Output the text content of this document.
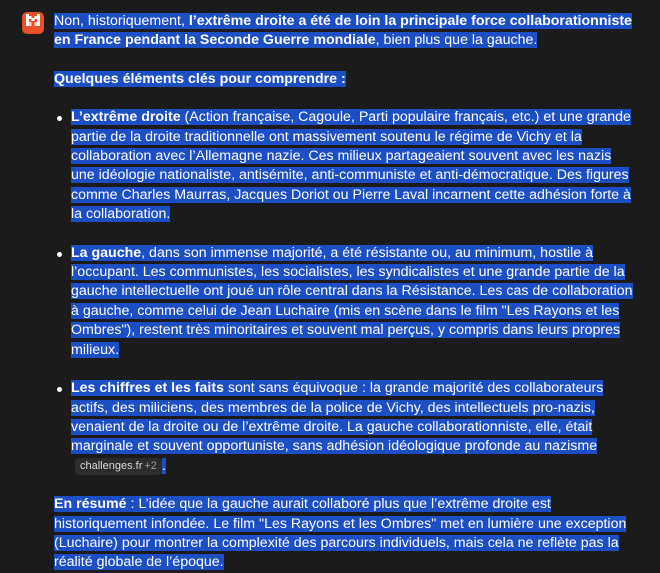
Non, historiquement, l’extrême droite a été de loin la principale force collaborationniste en France pendant la Seconde Guerre mondiale, bien plus que la gauche.

Quelques éléments clés pour comprendre :

L’extrême droite (Action française, Cagoule, Parti populaire français, etc.) et une grande partie de la droite traditionnelle ont massivement soutenu le régime de Vichy et la collaboration avec l’Allemagne nazie. Ces milieux partageaient souvent avec les nazis une idéologie nationaliste, antisémite, anti-communiste et anti-démocratique. Des figures comme Charles Maurras, Jacques Doriot ou Pierre Laval incarnent cette adhésion forte à la collaboration.
La gauche, dans son immense majorité, a été résistante ou, au minimum, hostile à l’occupant. Les communistes, les socialistes, les syndicalistes et une grande partie de la gauche intellectuelle ont joué un rôle central dans la Résistance. Les cas de collaboration à gauche, comme celui de Jean Luchaire (mis en scène dans le film "Les Rayons et les Ombres"), restent très minoritaires et souvent mal perçus, y compris dans leurs propres milieux.
Les chiffres et les faits sont sans équivoque : la grande majorité des collaborateurs actifs, des miliciens, des membres de la police de Vichy, des intellectuels pro-nazis, venaient de la droite ou de l’extrême droite. La gauche collaborationniste, elle, était marginale et souvent opportuniste, sans adhésion idéologique profonde au nazismechallenges.fr +2 .

En résumé : L’idée que la gauche aurait collaboré plus que l’extrême droite est historiquement infondée. Le film "Les Rayons et les Ombres" met en lumière une exception (Luchaire) pour montrer la complexité des parcours individuels, mais cela ne reflète pas la réalité globale de l’époque.
